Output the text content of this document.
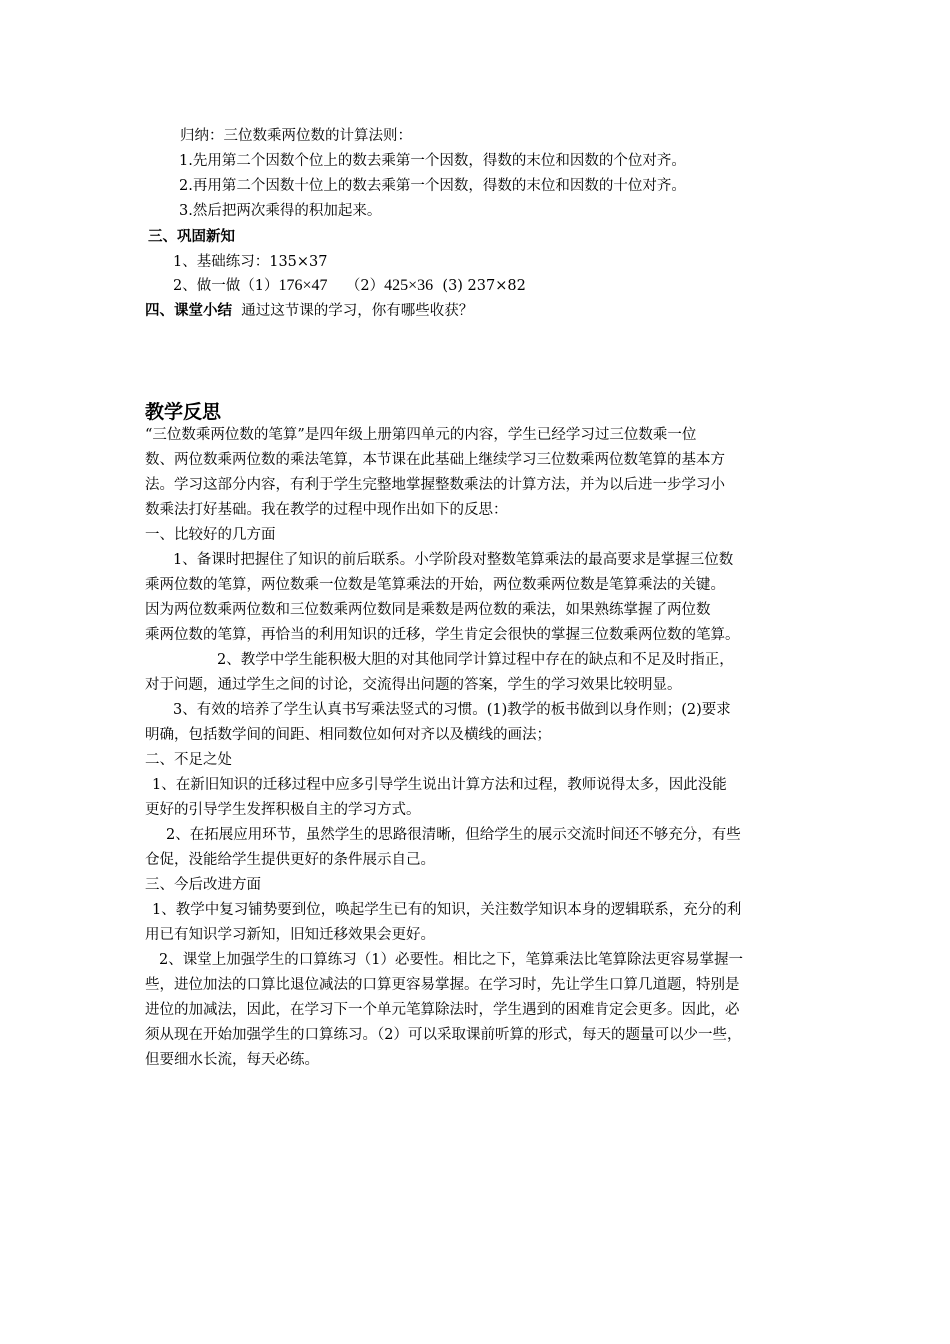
归纳：三位数乘两位数的计算法则：
1.先用第二个因数个位上的数去乘第一个因数，得数的末位和因数的个位对齐。
2.再用第二个因数十位上的数去乘第一个因数，得数的末位和因数的十位对齐。
3.然后把两次乘得的积加起来。
三、巩固新知
1、基础练习：135×37
2、做一做（1）176×47 （2）425×36 (3) 237×82
四、课堂小结 通过这节课的学习，你有哪些收获？
教学反思
“三位数乘两位数的笔算”是四年级上册第四单元的内容，学生已经学习过三位数乘一位
数、两位数乘两位数的乘法笔算，本节课在此基础上继续学习三位数乘两位数笔算的基本方
法。学习这部分内容，有利于学生完整地掌握整数乘法的计算方法，并为以后进一步学习小
数乘法打好基础。我在教学的过程中现作出如下的反思：
一、比较好的几方面
1、备课时把握住了知识的前后联系。小学阶段对整数笔算乘法的最高要求是掌握三位数
乘两位数的笔算，两位数乘一位数是笔算乘法的开始，两位数乘两位数是笔算乘法的关键。
因为两位数乘两位数和三位数乘两位数同是乘数是两位数的乘法，如果熟练掌握了两位数
乘两位数的笔算，再恰当的利用知识的迁移，学生肯定会很快的掌握三位数乘两位数的笔算。
2、教学中学生能积极大胆的对其他同学计算过程中存在的缺点和不足及时指正，
对于问题，通过学生之间的讨论，交流得出问题的答案，学生的学习效果比较明显。
3、有效的培养了学生认真书写乘法竖式的习惯。(1)教学的板书做到以身作则；(2)要求
明确，包括数学间的间距、相同数位如何对齐以及横线的画法；
二、不足之处
1、在新旧知识的迁移过程中应多引导学生说出计算方法和过程，教师说得太多，因此没能
更好的引导学生发挥积极自主的学习方式。
2、在拓展应用环节，虽然学生的思路很清晰，但给学生的展示交流时间还不够充分，有些
仓促，没能给学生提供更好的条件展示自己。
三、今后改进方面
1、教学中复习铺势要到位，唤起学生已有的知识，关注数学知识本身的逻辑联系，充分的利
用已有知识学习新知，旧知迁移效果会更好。
2、课堂上加强学生的口算练习（1）必要性。相比之下，笔算乘法比笔算除法更容易掌握一
些，进位加法的口算比退位减法的口算更容易掌握。在学习时，先让学生口算几道题，特别是
进位的加减法，因此，在学习下一个单元笔算除法时，学生遇到的困难肯定会更多。因此，必
须从现在开始加强学生的口算练习。（2）可以采取课前听算的形式，每天的题量可以少一些，
但要细水长流，每天必练。
